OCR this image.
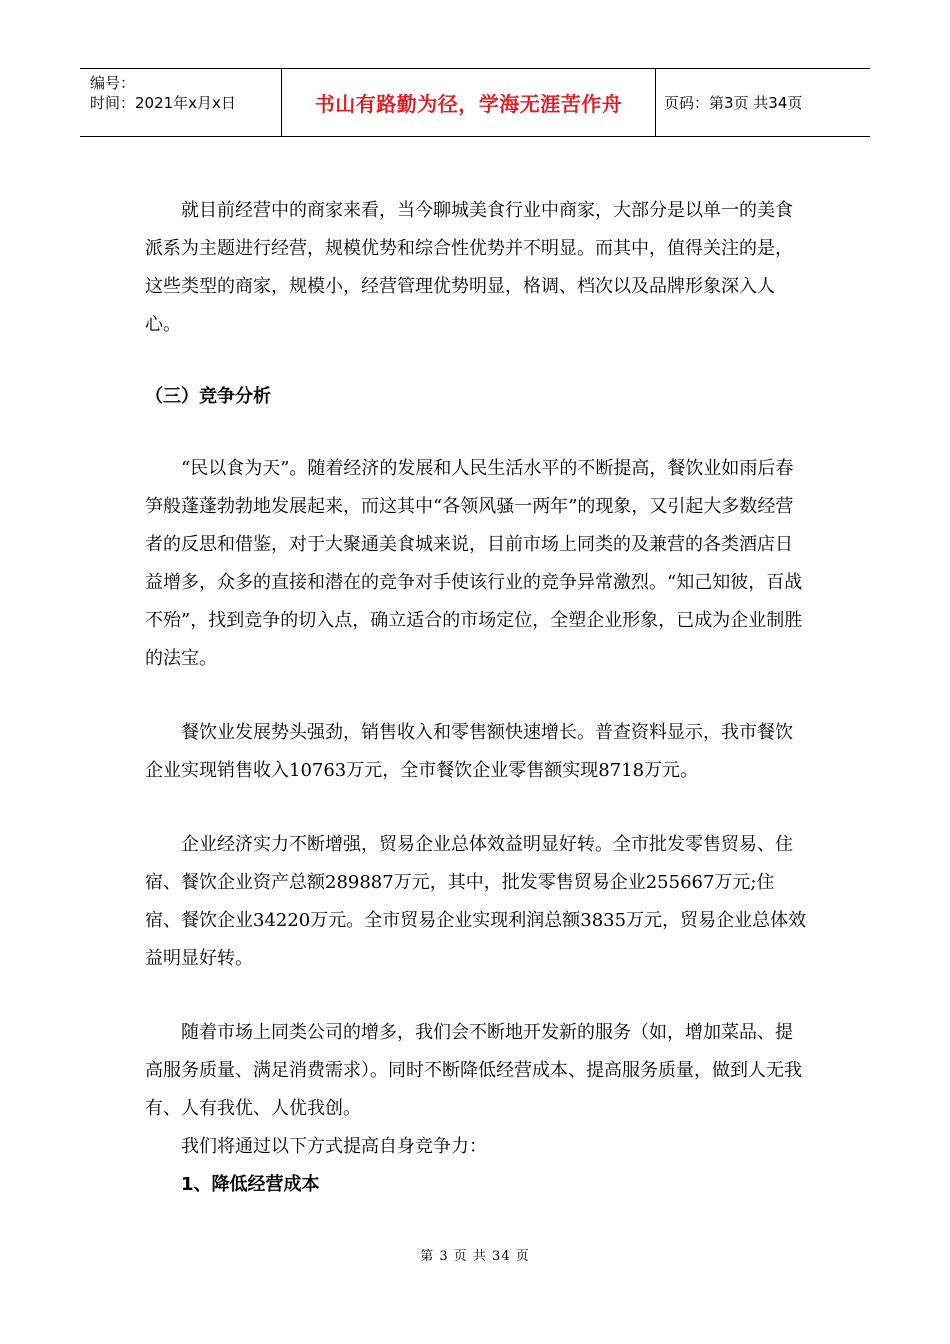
编号：
时间：2021年x月x日	书山有路勤为径，学海无涯苦作舟	页码：第3页 共34页

就目前经营中的商家来看，当今聊城美食行业中商家，大部分是以单一的美食派系为主题进行经营，规模优势和综合性优势并不明显。而其中，值得关注的是，这些类型的商家，规模小，经营管理优势明显，格调、档次以及品牌形象深入人心。

（三）竞争分析

“民以食为天”。随着经济的发展和人民生活水平的不断提高，餐饮业如雨后春笋般蓬蓬勃勃地发展起来，而这其中“各领风骚一两年”的现象，又引起大多数经营者的反思和借鉴，对于大聚通美食城来说，目前市场上同类的及兼营的各类酒店日益增多，众多的直接和潜在的竞争对手使该行业的竞争异常激烈。“知己知彼，百战不殆”，找到竞争的切入点，确立适合的市场定位，全塑企业形象，已成为企业制胜的法宝。

餐饮业发展势头强劲，销售收入和零售额快速增长。普查资料显示，我市餐饮企业实现销售收入10763万元，全市餐饮企业零售额实现8718万元。

企业经济实力不断增强，贸易企业总体效益明显好转。全市批发零售贸易、住宿、餐饮企业资产总额289887万元，其中，批发零售贸易企业255667万元;住宿、餐饮企业34220万元。全市贸易企业实现利润总额3835万元，贸易企业总体效益明显好转。

随着市场上同类公司的增多，我们会不断地开发新的服务（如，增加菜品、提高服务质量、满足消费需求）。同时不断降低经营成本、提高服务质量，做到人无我有、人有我优、人优我创。

我们将通过以下方式提高自身竞争力：

1、降低经营成本

第 3 页 共 34 页
